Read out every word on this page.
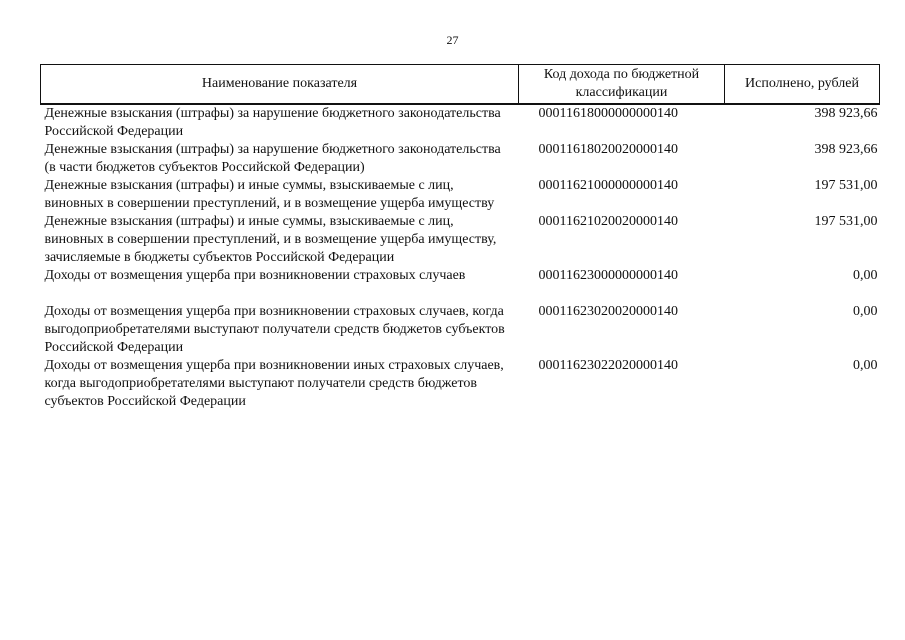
27
Наименование показателя	Код дохода по бюджетной классификации	Исполнено, рублей
Денежные взыскания (штрафы) за нарушение бюджетного законодательства Российской Федерации	00011618000000000140	398 923,66
Денежные взыскания (штрафы) за нарушение бюджетного законодательства (в части бюджетов субъектов Российской Федерации)	00011618020020000140	398 923,66
Денежные взыскания (штрафы) и иные суммы, взыскиваемые с лиц, виновных в совершении преступлений, и в возмещение ущерба имуществу	00011621000000000140	197 531,00
Денежные взыскания (штрафы) и иные суммы, взыскиваемые с лиц, виновных в совершении преступлений, и в возмещение ущерба имуществу, зачисляемые в бюджеты субъектов Российской Федерации	00011621020020000140	197 531,00
Доходы от возмещения ущерба при возникновении страховых случаев	00011623000000000140	0,00
Доходы от возмещения ущерба при возникновении страховых случаев, когда выгодоприобретателями выступают получатели средств бюджетов субъектов Российской Федерации	00011623020020000140	0,00
Доходы от возмещения ущерба при возникновении иных страховых случаев, когда выгодоприобретателями выступают получатели средств бюджетов субъектов Российской Федерации	00011623022020000140	0,00
